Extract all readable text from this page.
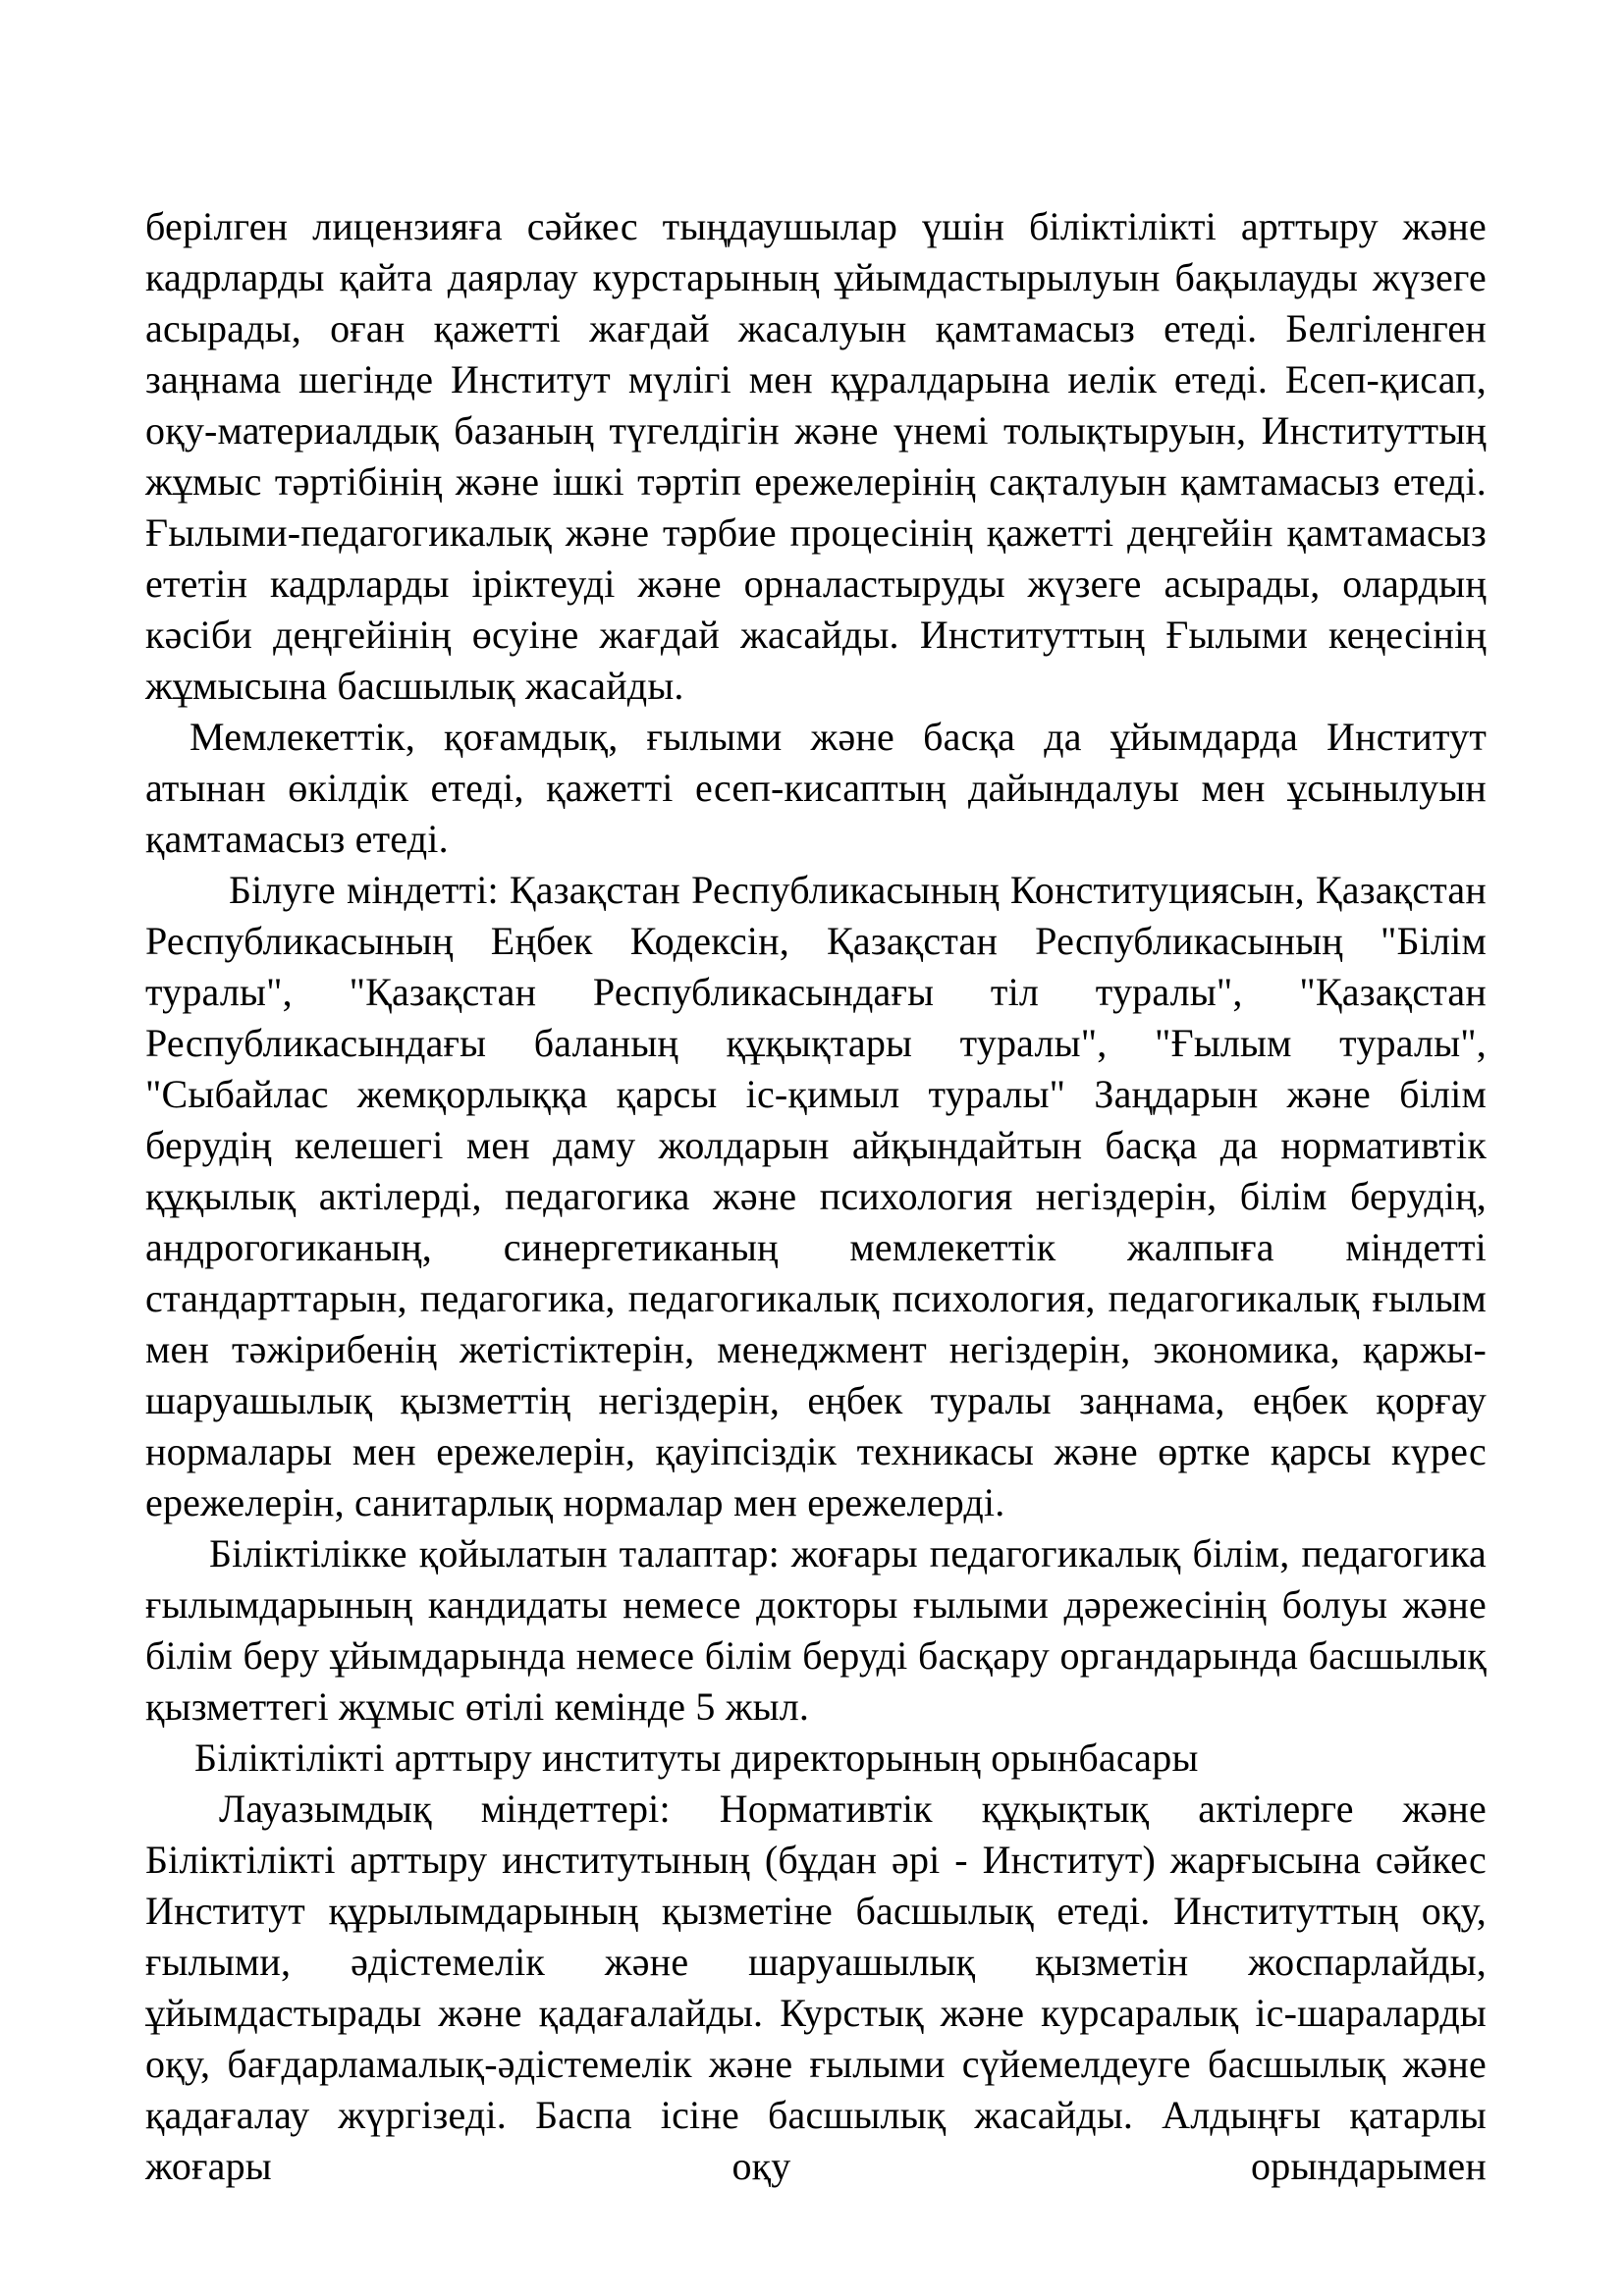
берілген лицензияға сәйкес тыңдаушылар үшін біліктілікті арттыру және кадрларды қайта даярлау курстарының ұйымдастырылуын бақылауды жүзеге асырады, оған қажетті жағдай жасалуын қамтамасыз етеді. Белгіленген заңнама шегінде Институт мүлігі мен құралдарына иелік етеді. Есеп-қисап, оқу-материалдық базаның түгелдігін және үнемі толықтыруын, Институттың жұмыс тәртібінің және ішкі тәртіп ережелерінің сақталуын қамтамасыз етеді. Ғылыми-педагогикалық және тәрбие процесінің қажетті деңгейін қамтамасыз ететін кадрларды іріктеуді және орналастыруды жүзеге асырады, олардың кәсіби деңгейінің өсуіне жағдай жасайды. Институттың Ғылыми кеңесінің жұмысына басшылық жасайды.

Мемлекеттік, қоғамдық, ғылыми және басқа да ұйымдарда Институт атынан өкілдік етеді, қажетті есеп-кисаптың дайындалуы мен ұсынылуын қамтамасыз етеді.

Білуге міндетті: Қазақстан Республикасының Конституциясын, Қазақстан Республикасының Еңбек Кодексін, Қазақстан Республикасының "Білім туралы", "Қазақстан Республикасындағы тіл туралы", "Қазақстан Республикасындағы баланың құқықтары туралы", "Ғылым туралы", "Сыбайлас жемқорлыққа қарсы іс-қимыл туралы" Заңдарын және білім берудің келешегі мен даму жолдарын айқындайтын басқа да нормативтік құқылық актілерді, педагогика және психология негіздерін, білім берудің, андрогогиканың, синергетиканың мемлекеттік жалпыға міндетті стандарттарын, педагогика, педагогикалық психология, педагогикалық ғылым мен тәжірибенің жетістіктерін, менеджмент негіздерін, экономика, қаржы-шаруашылық қызметтің негіздерін, еңбек туралы заңнама, еңбек қорғау нормалары мен ережелерін, қауіпсіздік техникасы және өртке қарсы күрес ережелерін, санитарлық нормалар мен ережелерді.

Біліктілікке қойылатын талаптар: жоғары педагогикалық білім, педагогика ғылымдарының кандидаты немесе докторы ғылыми дәрежесінің болуы және білім беру ұйымдарында немесе білім беруді басқару органдарында басшылық қызметтегі жұмыс өтілі кемінде 5 жыл.

Біліктілікті арттыру институты директорының орынбасары

Лауазымдық міндеттері: Нормативтік құқықтық актілерге және Біліктілікті арттыру институтының (бұдан әрі - Институт) жарғысына сәйкес Институт құрылымдарының қызметіне басшылық етеді. Институттың оқу, ғылыми, әдістемелік және шаруашылық қызметін жоспарлайды, ұйымдастырады және қадағалайды. Курстық және курсаралық іс-шараларды оқу, бағдарламалық-әдістемелік және ғылыми сүйемелдеуге басшылық және қадағалау жүргізеді. Баспа ісіне басшылық жасайды. Алдыңғы қатарлы жоғары оқу орындарымен
